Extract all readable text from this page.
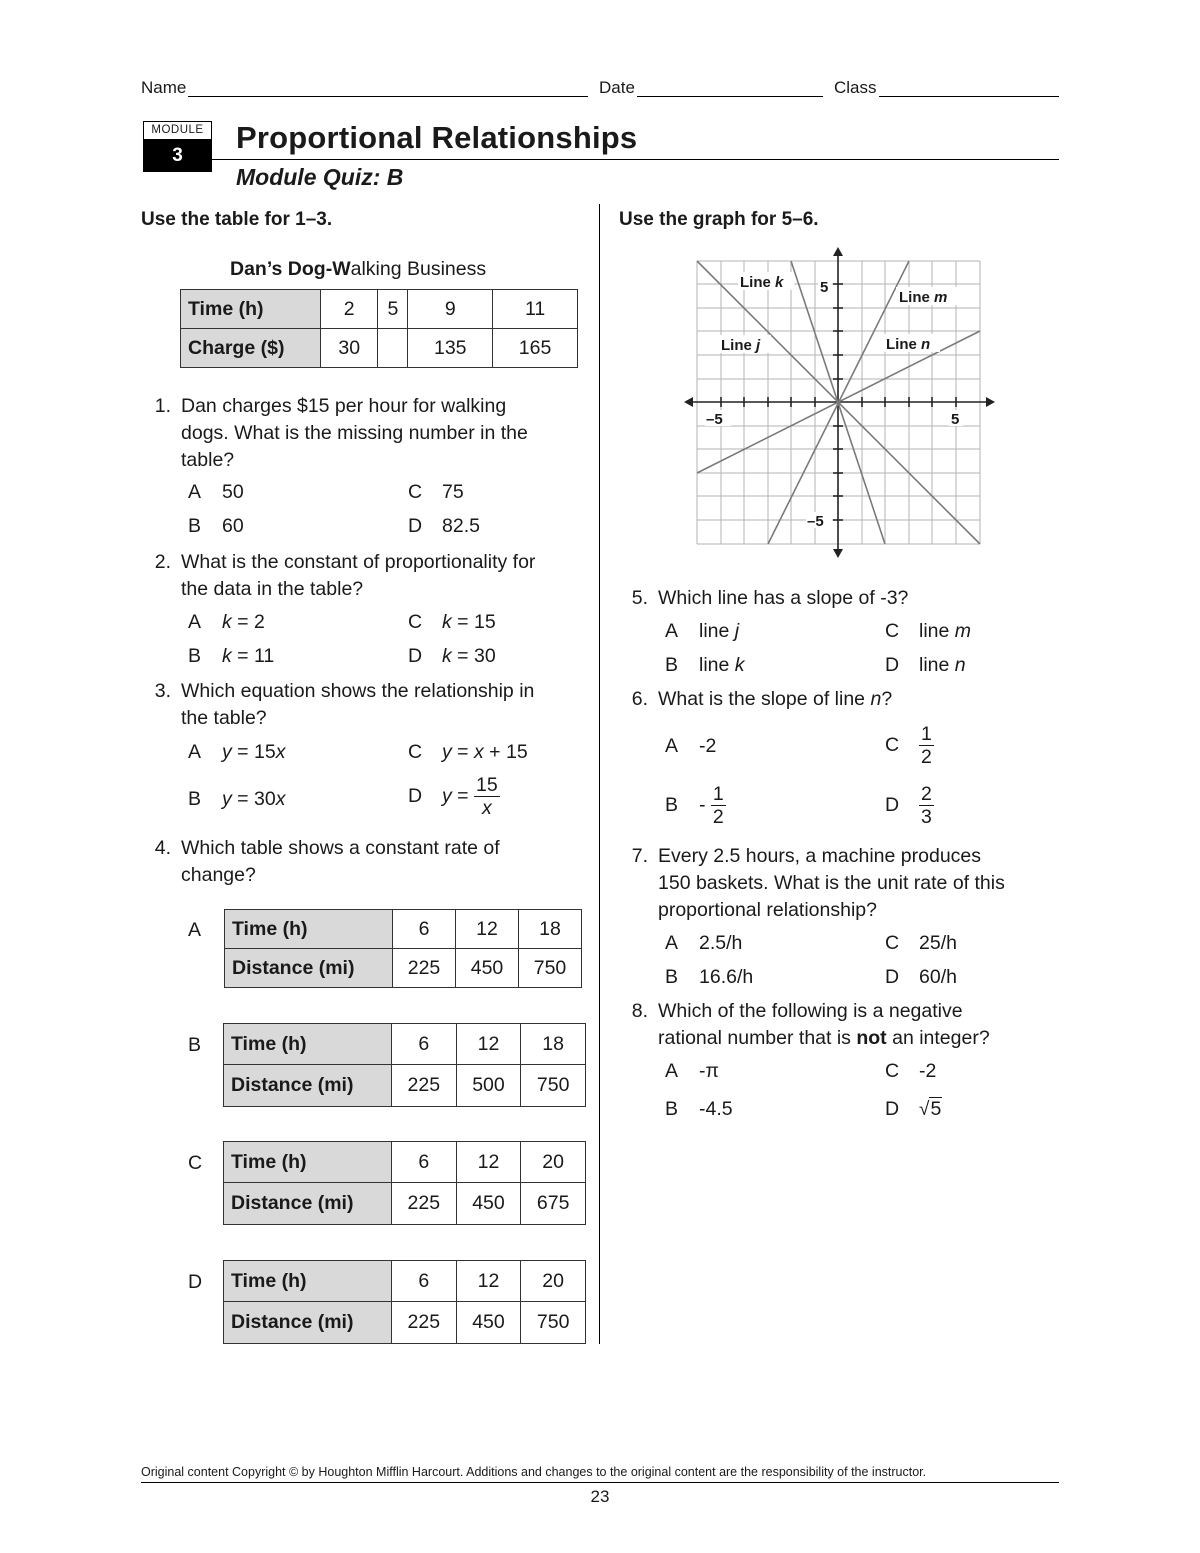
Name	Date	Class
MODULE
3
Proportional Relationships
Module Quiz: B
Use the table for 1–3.
Dan’s Dog-Walking Business
Time (h)	2	5	9	11
Charge ($)	30		135	165
1. Dan charges $15 per hour for walking
dogs. What is the missing number in the
table?
A 50	C 75
B 60	D 82.5
2. What is the constant of proportionality for
the data in the table?
A k = 2	C k = 15
B k = 11	D k = 30
3. Which equation shows the relationship in
the table?
A y = 15x	C y = x + 15
B y = 30x	D $y = \frac{15}{x}$
4. Which table shows a constant rate of
change?
A Time (h)	6	12	18
Distance (mi)	225	450	750
B Time (h)	6	12	18
Distance (mi)	225	500	750
C Time (h)	6	12	20
Distance (mi)	225	450	675
D Time (h)	6	12	20
Distance (mi)	225	450	750
Use the graph for 5–6.
Line k
Line m
Line j	Line n
5
–5
–5	5
5. Which line has a slope of -3?
A line j	C line m
B line k	D line n
6. What is the slope of line n?
A -2	C $\frac{1}{2}$
B - $\frac{1}{2}$	D $\frac{2}{3}$
7. Every 2.5 hours, a machine produces
150 baskets. What is the unit rate of this
proportional relationship?
A 2.5/h	C 25/h
B 16.6/h	D 60/h
8. Which of the following is a negative
rational number that is not an integer?
A -π	C -2
B -4.5	D √5
Original content Copyright © by Houghton Mifflin Harcourt. Additions and changes to the original content are the responsibility of the instructor.
23
